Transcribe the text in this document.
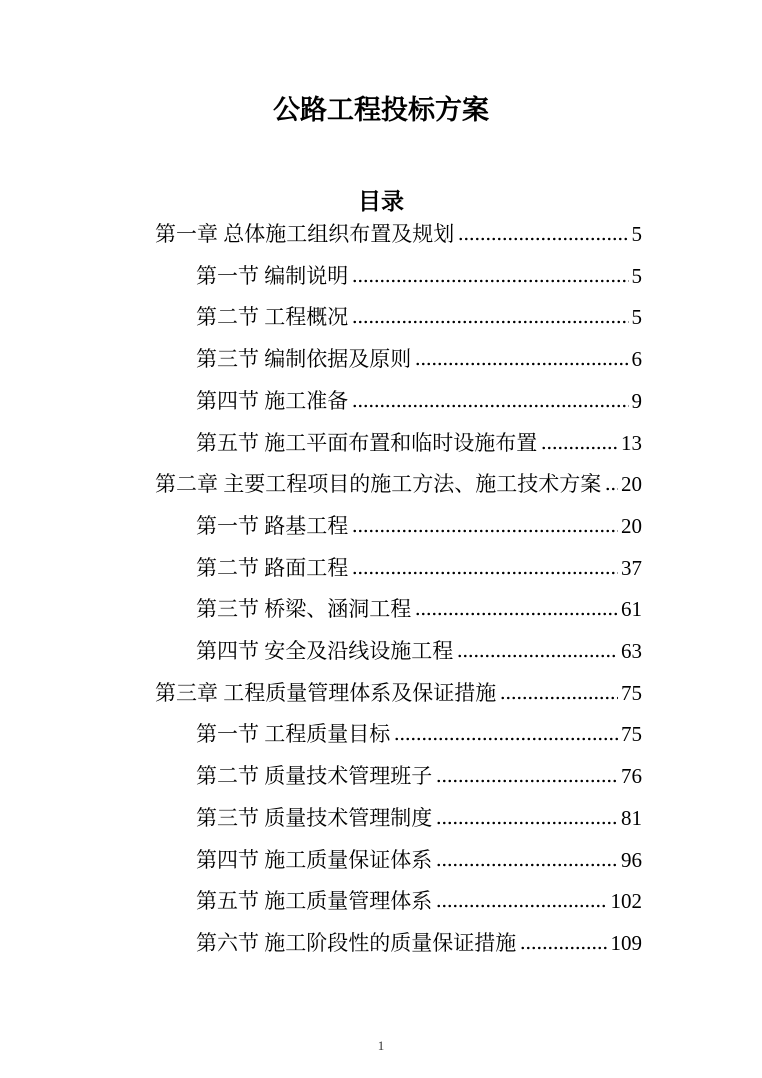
公路工程投标方案
目录
第一章 总体施工组织布置及规划	5
第一节 编制说明	5
第二节 工程概况	5
第三节 编制依据及原则	6
第四节 施工准备	9
第五节 施工平面布置和临时设施布置	13
第二章 主要工程项目的施工方法、施工技术方案 20
第一节 路基工程	20
第二节 路面工程	37
第三节 桥梁、涵洞工程	61
第四节 安全及沿线设施工程	63
第三章 工程质量管理体系及保证措施	75
第一节 工程质量目标	75
第二节 质量技术管理班子	76
第三节 质量技术管理制度	81
第四节 施工质量保证体系	96
第五节 施工质量管理体系	102
第六节 施工阶段性的质量保证措施	109
1
